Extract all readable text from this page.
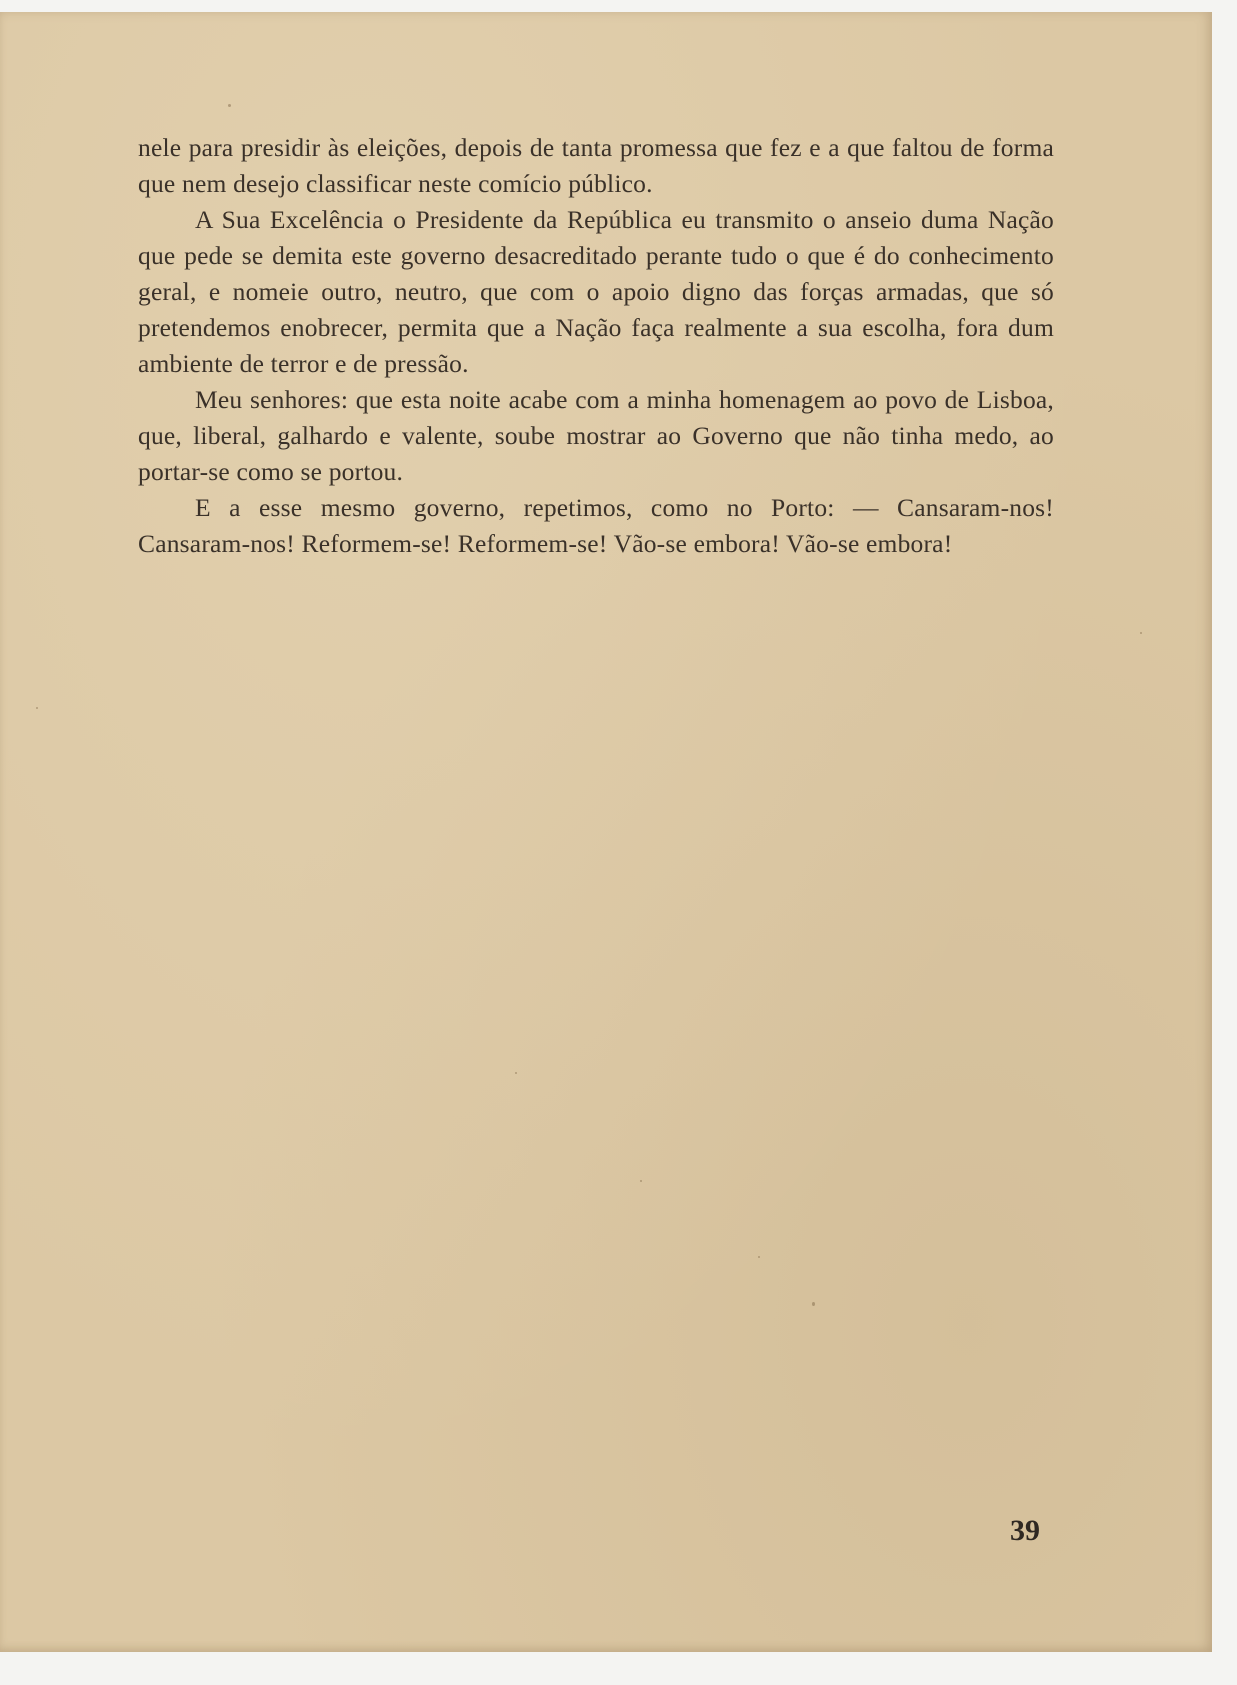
nele para presidir às eleições, depois de tanta promessa que fez e a que faltou de forma que nem desejo classificar neste comício público.

A Sua Excelência o Presidente da República eu transmito o anseio duma Nação que pede se demita este governo desacreditado perante tudo o que é do conhecimento geral, e nomeie outro, neutro, que com o apoio digno das forças armadas, que só pretendemos enobrecer, permita que a Nação faça realmente a sua escolha, fora dum ambiente de terror e de pressão.

Meu senhores: que esta noite acabe com a minha homenagem ao povo de Lisboa, que, liberal, galhardo e valente, soube mostrar ao Governo que não tinha medo, ao portar-se como se portou.

E a esse mesmo governo, repetimos, como no Porto: — Cansaram-nos! Cansaram-nos! Reformem-se! Reformem-se! Vão-se embora! Vão-se embora!

39
